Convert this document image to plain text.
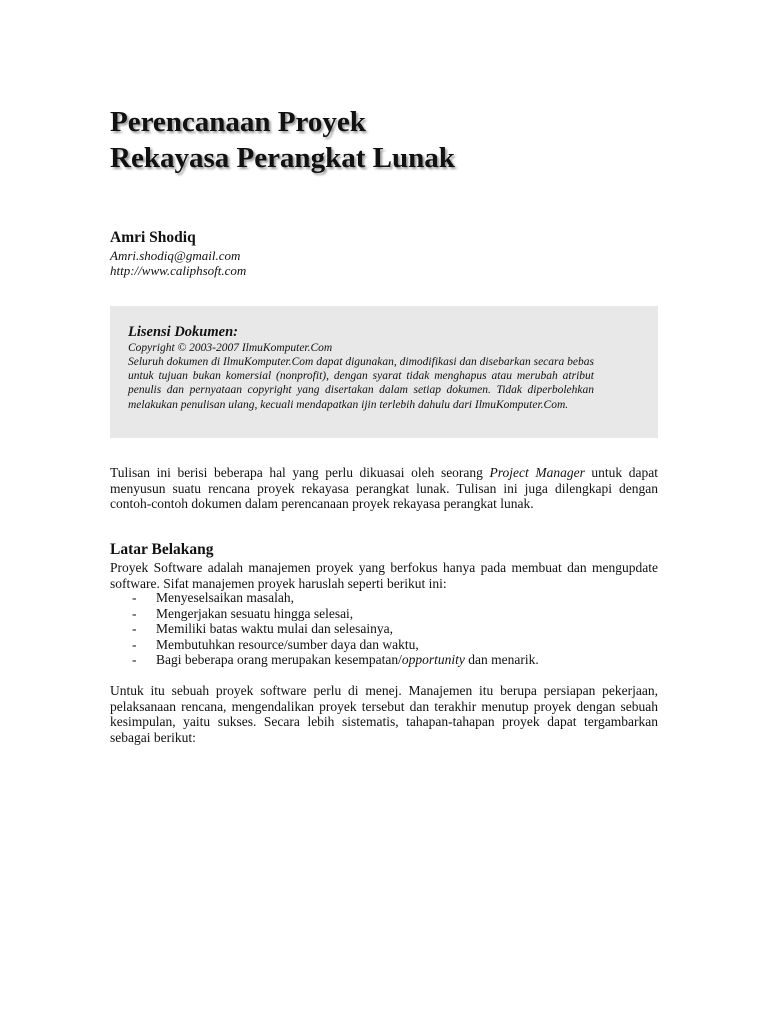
Perencanaan Proyek
Rekayasa Perangkat Lunak
Amri Shodiq
Amri.shodiq@gmail.com
http://www.caliphsoft.com
Lisensi Dokumen:
Copyright © 2003-2007 IlmuKomputer.Com
Seluruh dokumen di IlmuKomputer.Com dapat digunakan, dimodifikasi dan disebarkan secara bebas untuk tujuan bukan komersial (nonprofit), dengan syarat tidak menghapus atau merubah atribut penulis dan pernyataan copyright yang disertakan dalam setiap dokumen. Tidak diperbolehkan melakukan penulisan ulang, kecuali mendapatkan ijin terlebih dahulu dari IlmuKomputer.Com.

Tulisan ini berisi beberapa hal yang perlu dikuasai oleh seorang Project Manager untuk dapat menyusun suatu rencana proyek rekayasa perangkat lunak. Tulisan ini juga dilengkapi dengan contoh-contoh dokumen dalam perencanaan proyek rekayasa perangkat lunak.

Latar Belakang

Proyek Software adalah manajemen proyek yang berfokus hanya pada membuat dan mengupdate software. Sifat manajemen proyek haruslah seperti berikut ini:

- Menyeselsaikan masalah,
- Mengerjakan sesuatu hingga selesai,
- Memiliki batas waktu mulai dan selesainya,
- Membutuhkan resource/sumber daya dan waktu,
- Bagi beberapa orang merupakan kesempatan/opportunity dan menarik.

Untuk itu sebuah proyek software perlu di menej. Manajemen itu berupa persiapan pekerjaan, pelaksanaan rencana, mengendalikan proyek tersebut dan terakhir menutup proyek dengan sebuah kesimpulan, yaitu sukses. Secara lebih sistematis, tahapan-tahapan proyek dapat tergambarkan sebagai berikut:
